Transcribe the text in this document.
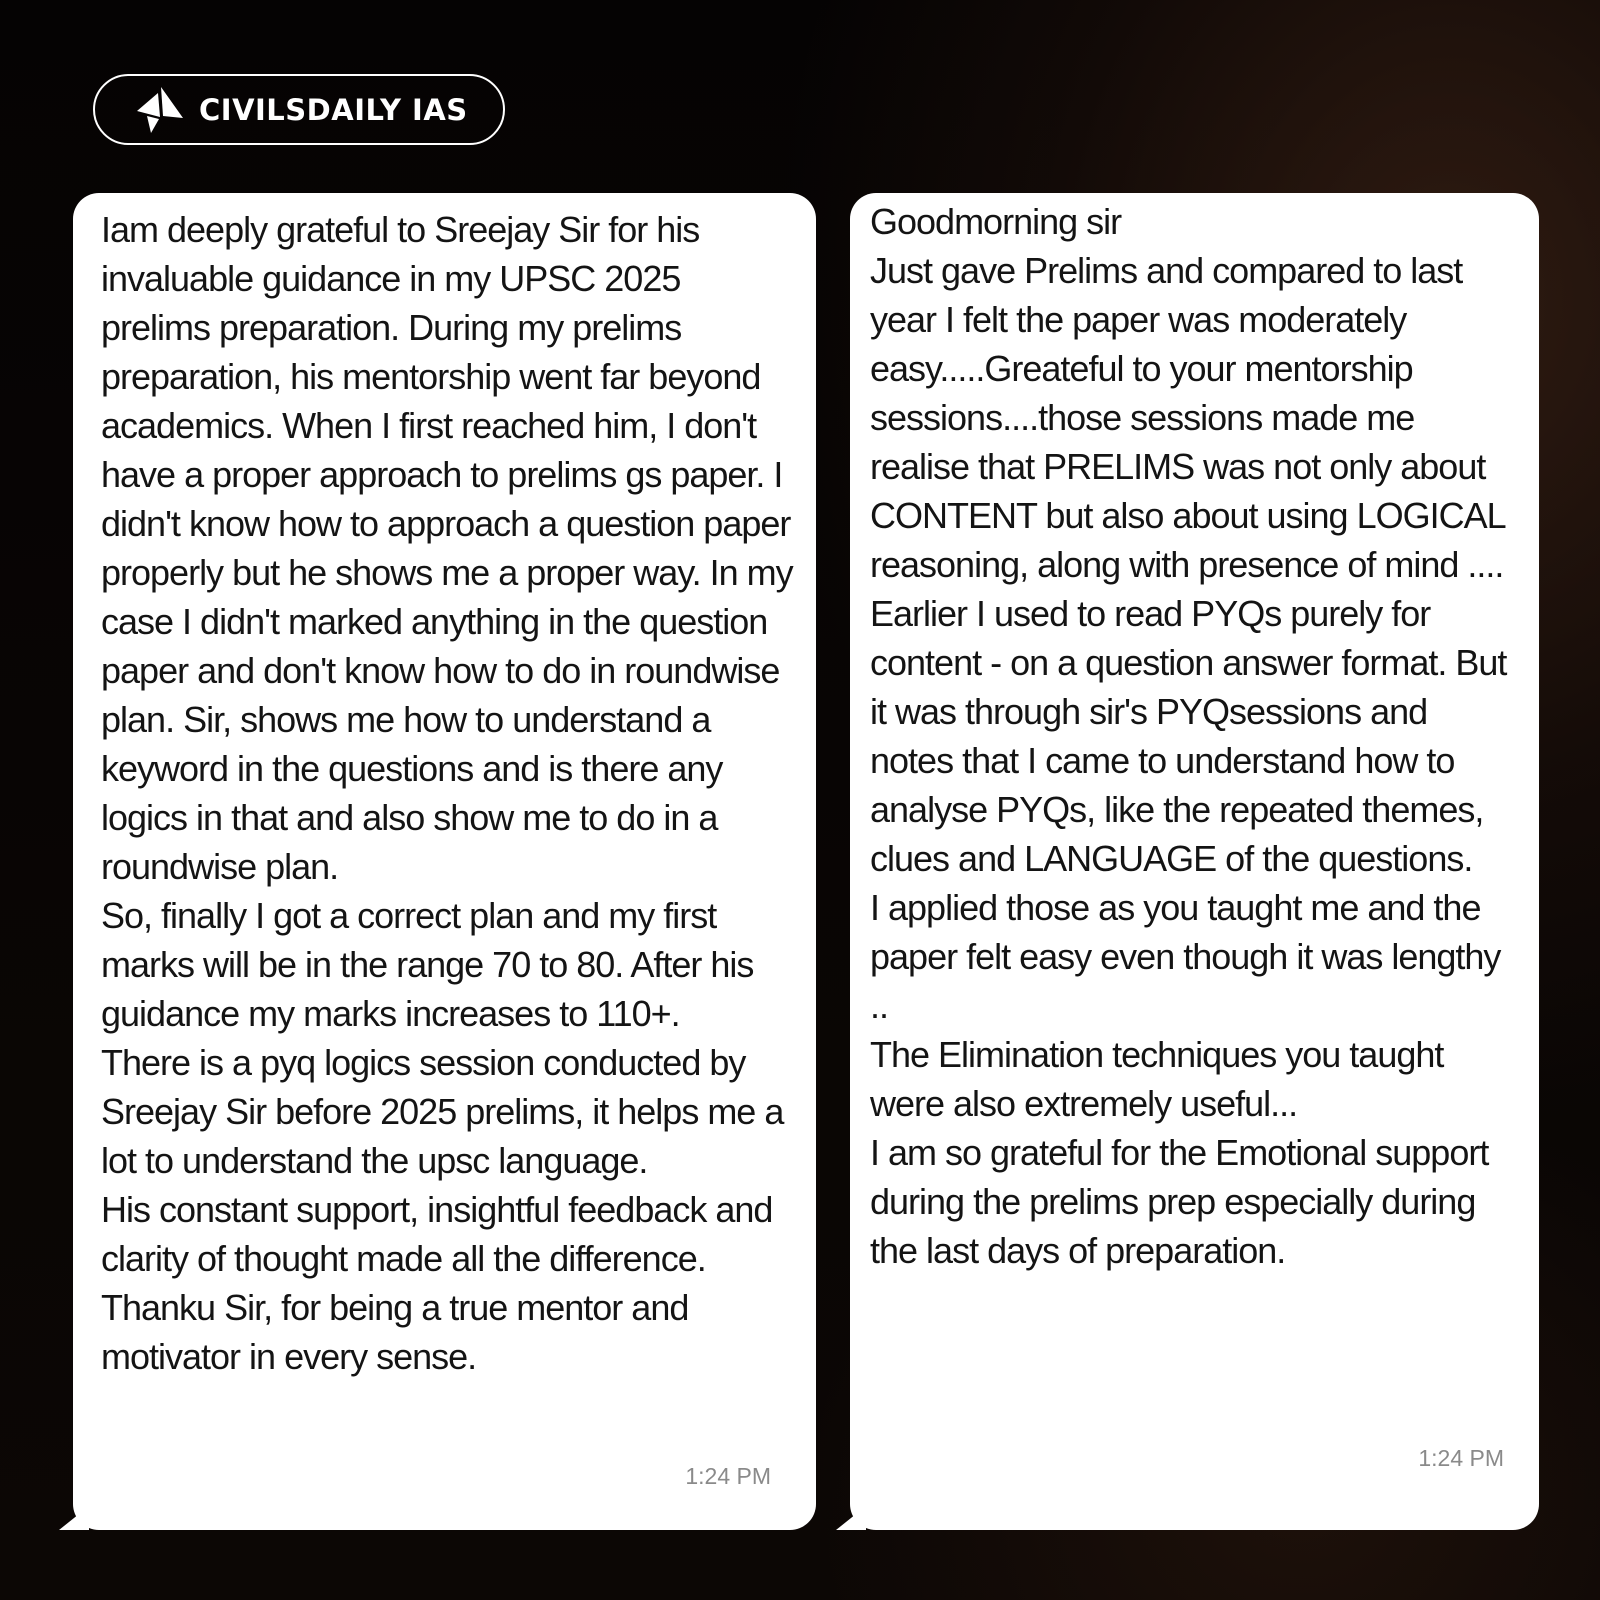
CIVILSDAILY IAS

Iam deeply grateful to Sreejay Sir for his invaluable guidance in my UPSC 2025 prelims preparation. During my prelims preparation, his mentorship went far beyond academics. When I first reached him, I don't have a proper approach to prelims gs paper. I didn't know how to approach a question paper properly but he shows me a proper way. In my case I didn't marked anything in the question paper and don't know how to do in roundwise plan. Sir, shows me how to understand a keyword in the questions and is there any logics in that and also show me to do in a roundwise plan.
So, finally I got a correct plan and my first marks will be in the range 70 to 80. After his guidance my marks increases to 110+.
There is a pyq logics session conducted by Sreejay Sir before 2025 prelims, it helps me a lot to understand the upsc language.
His constant support, insightful feedback and clarity of thought made all the difference.
Thanku Sir, for being a true mentor and motivator in every sense.

1:24 PM

Goodmorning sir
Just gave Prelims and compared to last year I felt the paper was moderately easy.....Greateful to your mentorship sessions....those sessions made me realise that PRELIMS was not only about CONTENT but also about using LOGICAL reasoning, along with presence of mind ....
Earlier I used to read PYQs purely for content - on a question answer format. But it was through sir's PYQsessions and notes that I came to understand how to analyse PYQs, like the repeated themes, clues and LANGUAGE of the questions.
I applied those as you taught me and the paper felt easy even though it was lengthy ..
The Elimination techniques you taught were also extremely useful...
I am so grateful for the Emotional support during the prelims prep especially during the last days of preparation.

1:24 PM
